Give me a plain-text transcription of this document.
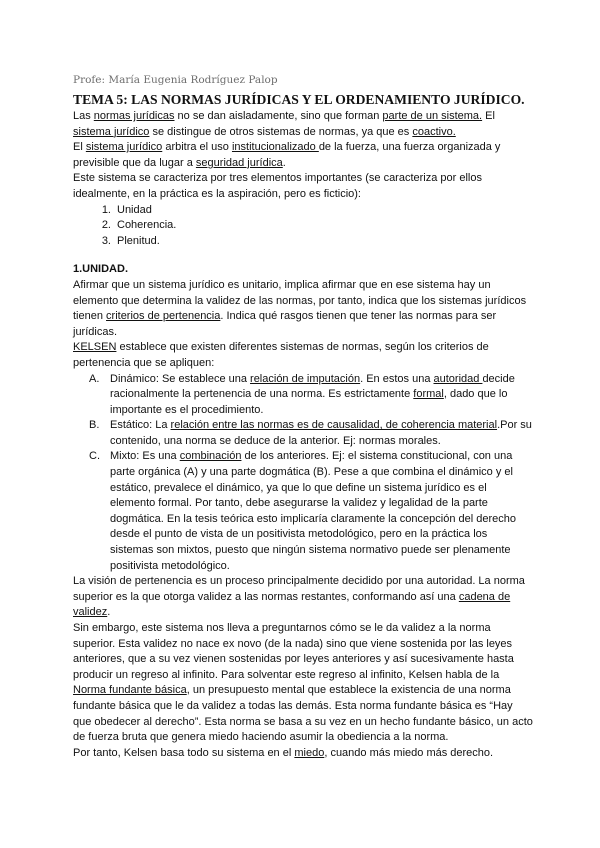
Profe: María Eugenia Rodríguez Palop
TEMA 5: LAS NORMAS JURÍDICAS Y EL ORDENAMIENTO JURÍDICO.

Las normas jurídicas no se dan aisladamente, sino que forman parte de un sistema. El sistema jurídico se distingue de otros sistemas de normas, ya que es coactivo.

El sistema jurídico arbitra el uso institucionalizado de la fuerza, una fuerza organizada y previsible que da lugar a seguridad jurídica.

Este sistema se caracteriza por tres elementos importantes (se caracteriza por ellos idealmente, en la práctica es la aspiración, pero es ficticio):

1. Unidad
2. Coherencia.
3. Plenitud.

1.UNIDAD.

Afirmar que un sistema jurídico es unitario, implica afirmar que en ese sistema hay un elemento que determina la validez de las normas, por tanto, indica que los sistemas jurídicos tienen criterios de pertenencia. Indica qué rasgos tienen que tener las normas para ser jurídicas.

KELSEN establece que existen diferentes sistemas de normas, según los criterios de pertenencia que se apliquen:

A. Dinámico: Se establece una relación de imputación. En estos una autoridad decide racionalmente la pertenencia de una norma. Es estrictamente formal, dado que lo importante es el procedimiento.
B. Estático: La relación entre las normas es de causalidad, de coherencia material.Por su contenido, una norma se deduce de la anterior. Ej: normas morales.
C. Mixto: Es una combinación de los anteriores. Ej: el sistema constitucional, con una parte orgánica (A) y una parte dogmática (B). Pese a que combina el dinámico y el estático, prevalece el dinámico, ya que lo que define un sistema jurídico es el elemento formal. Por tanto, debe asegurarse la validez y legalidad de la parte dogmática. En la tesis teórica esto implicaría claramente la concepción del derecho desde el punto de vista de un positivista metodológico, pero en la práctica los sistemas son mixtos, puesto que ningún sistema normativo puede ser plenamente positivista metodológico.

La visión de pertenencia es un proceso principalmente decidido por una autoridad. La norma superior es la que otorga validez a las normas restantes, conformando así una cadena de validez.

Sin embargo, este sistema nos lleva a preguntarnos cómo se le da validez a la norma superior. Esta validez no nace ex novo (de la nada) sino que viene sostenida por las leyes anteriores, que a su vez vienen sostenidas por leyes anteriores y así sucesivamente hasta producir un regreso al infinito. Para solventar este regreso al infinito, Kelsen habla de la Norma fundante básica, un presupuesto mental que establece la existencia de una norma fundante básica que le da validez a todas las demás. Esta norma fundante básica es “Hay que obedecer al derecho”. Esta norma se basa a su vez en un hecho fundante básico, un acto de fuerza bruta que genera miedo haciendo asumir la obediencia a la norma.

Por tanto, Kelsen basa todo su sistema en el miedo, cuando más miedo más derecho.
